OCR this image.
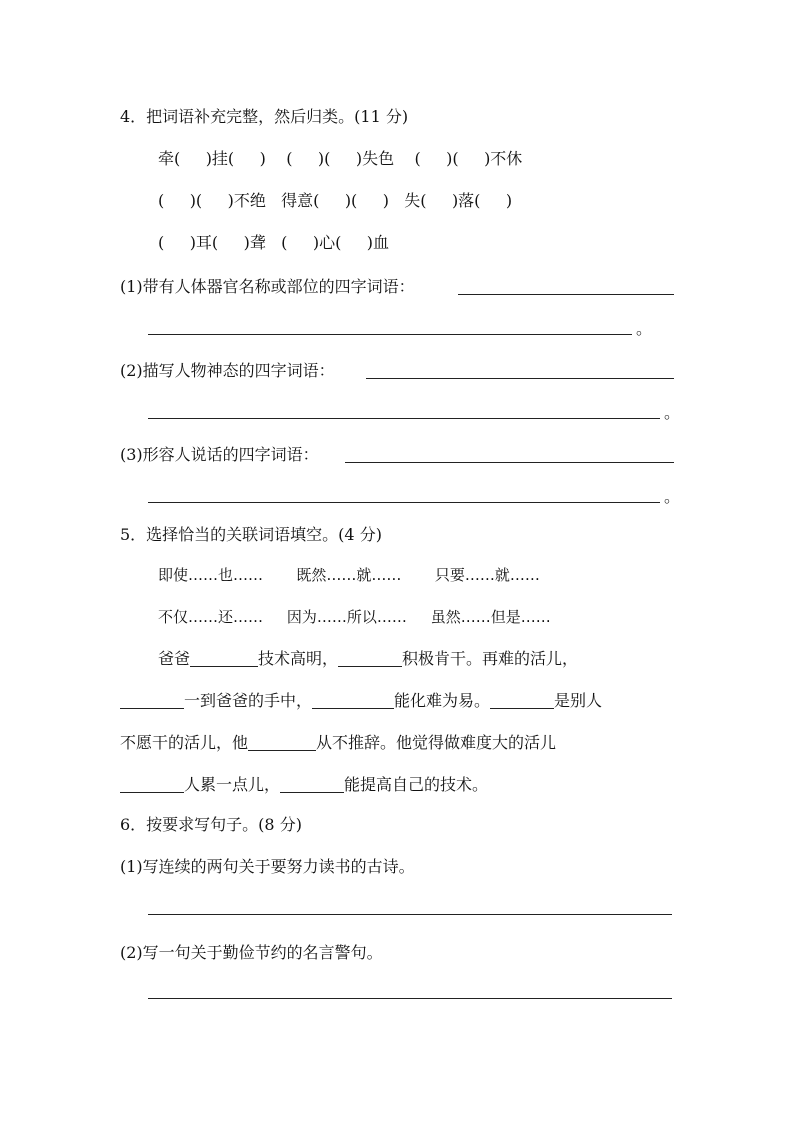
4．把词语补充完整，然后归类。(11 分)
牵( )挂( ) ( )( )失色 ( )( )不休
( )( )不绝 得意( )( ) 失( )落( )
( )耳( )聋 ( )心( )血
(1)带有人体器官名称或部位的四字词语：
。
(2)描写人物神态的四字词语：
。
(3)形容人说话的四字词语：
。
5．选择恰当的关联词语填空。(4 分)
即使……也…… 既然……就…… 只要……就……
不仅……还…… 因为……所以…… 虽然……但是……
爸爸	技术高明，	积极肯干。再难的活儿，
一到爸爸的手中，	能化难为易。	是别人
不愿干的活儿，他	从不推辞。他觉得做难度大的活儿
人累一点儿，	能提高自己的技术。
6．按要求写句子。(8 分)
(1)写连续的两句关于要努力读书的古诗。
(2)写一句关于勤俭节约的名言警句。
